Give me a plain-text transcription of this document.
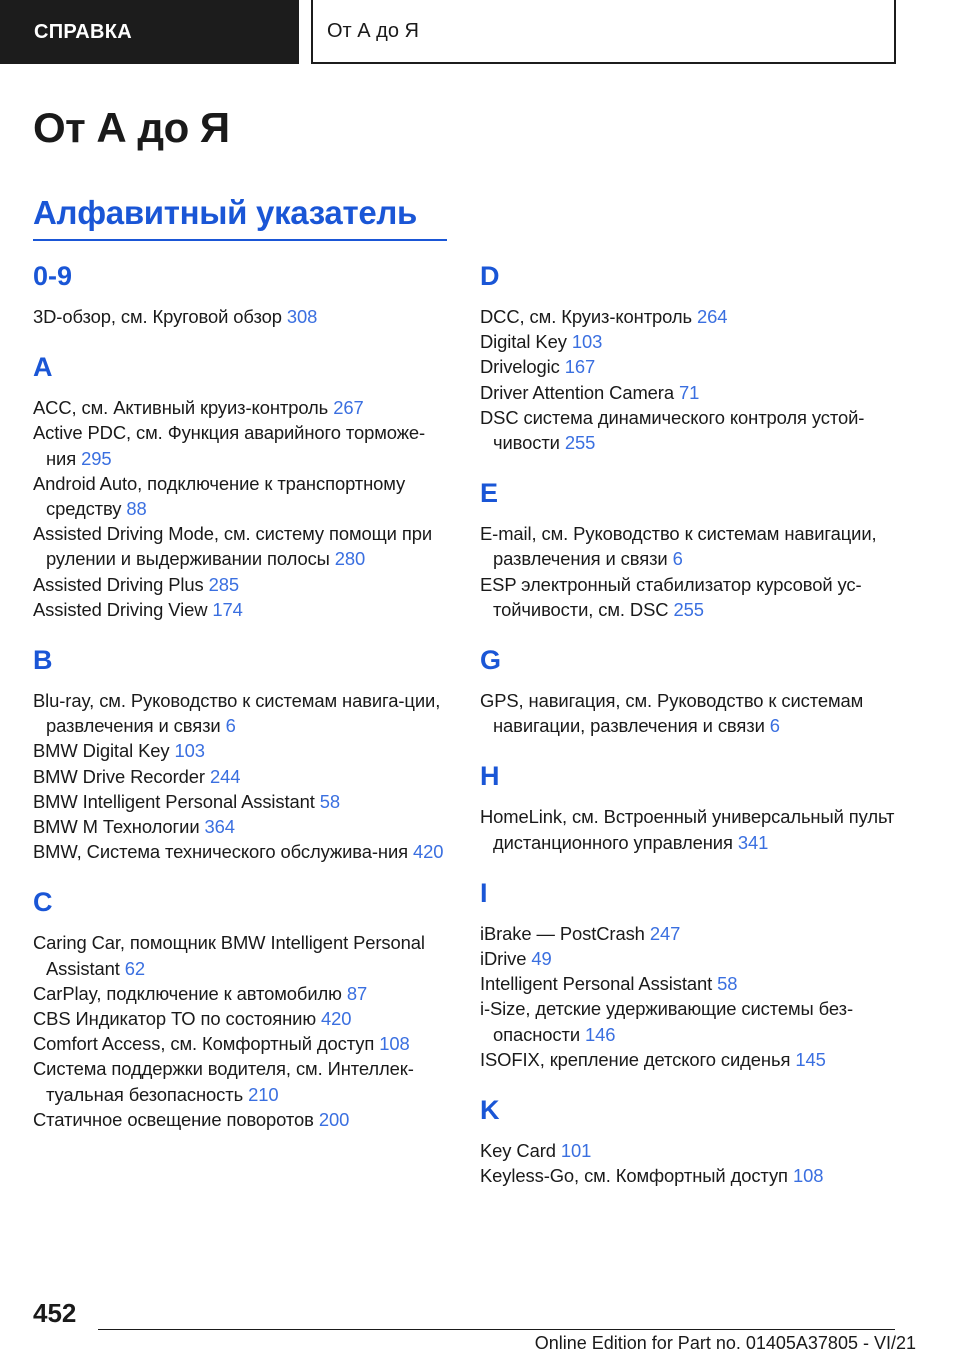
СПРАВКА	От А до Я
От А до Я
Алфавитный указатель
0-9
3D-обзор, см. Круговой обзор 308
A
ACC, см. Активный круиз-контроль 267
Active PDC, см. Функция аварийного торможе-ния 295
Android Auto, подключение к транспортному средству 88
Assisted Driving Mode, см. систему помощи при рулении и выдерживании полосы 280
Assisted Driving Plus 285
Assisted Driving View 174
B
Blu-ray, см. Руководство к системам навига-ции, развлечения и связи 6
BMW Digital Key 103
BMW Drive Recorder 244
BMW Intelligent Personal Assistant 58
BMW M Технологии 364
BMW, Система технического обслужива-ния 420
C
Caring Car, помощник BMW Intelligent Personal Assistant 62
CarPlay, подключение к автомобилю 87
CBS Индикатор ТО по состоянию 420
Comfort Access, см. Комфортный доступ 108
Система поддержки водителя, см. Интеллек-туальная безопасность 210
Статичное освещение поворотов 200
D
DCC, см. Круиз-контроль 264
Digital Key 103
Drivelogic 167
Driver Attention Camera 71
DSC система динамического контроля устой-чивости 255
E
E-mail, см. Руководство к системам навигации, развлечения и связи 6
ESP электронный стабилизатор курсовой ус-тойчивости, см. DSC 255
G
GPS, навигация, см. Руководство к системам навигации, развлечения и связи 6
H
HomeLink, см. Встроенный универсальный пульт дистанционного управления 341
I
iBrake — PostCrash 247
iDrive 49
Intelligent Personal Assistant 58
i-Size, детские удерживающие системы без-опасности 146
ISOFIX, крепление детского сиденья 145
K
Key Card 101
Keyless-Go, см. Комфортный доступ 108
452
Online Edition for Part no. 01405A37805 - VI/21
